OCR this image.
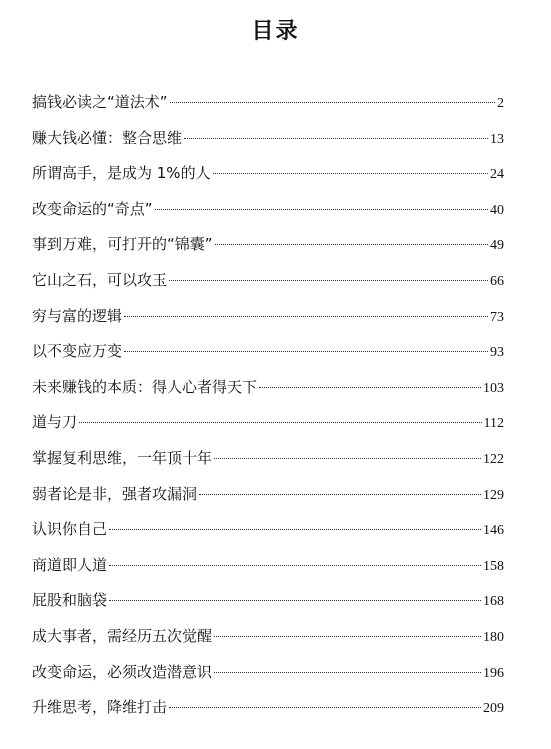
目录
搞钱必读之“道法术”	2
赚大钱必懂：整合思维	13
所谓高手，是成为 1%的人	24
改变命运的“奇点”	40
事到万难，可打开的“锦囊”	49
它山之石，可以攻玉	66
穷与富的逻辑	73
以不变应万变	93
未来赚钱的本质：得人心者得天下	103
道与刀	112
掌握复利思维，一年顶十年	122
弱者论是非，强者攻漏洞	129
认识你自己	146
商道即人道	158
屁股和脑袋	168
成大事者，需经历五次觉醒	180
改变命运，必须改造潜意识	196
升维思考，降维打击	209
